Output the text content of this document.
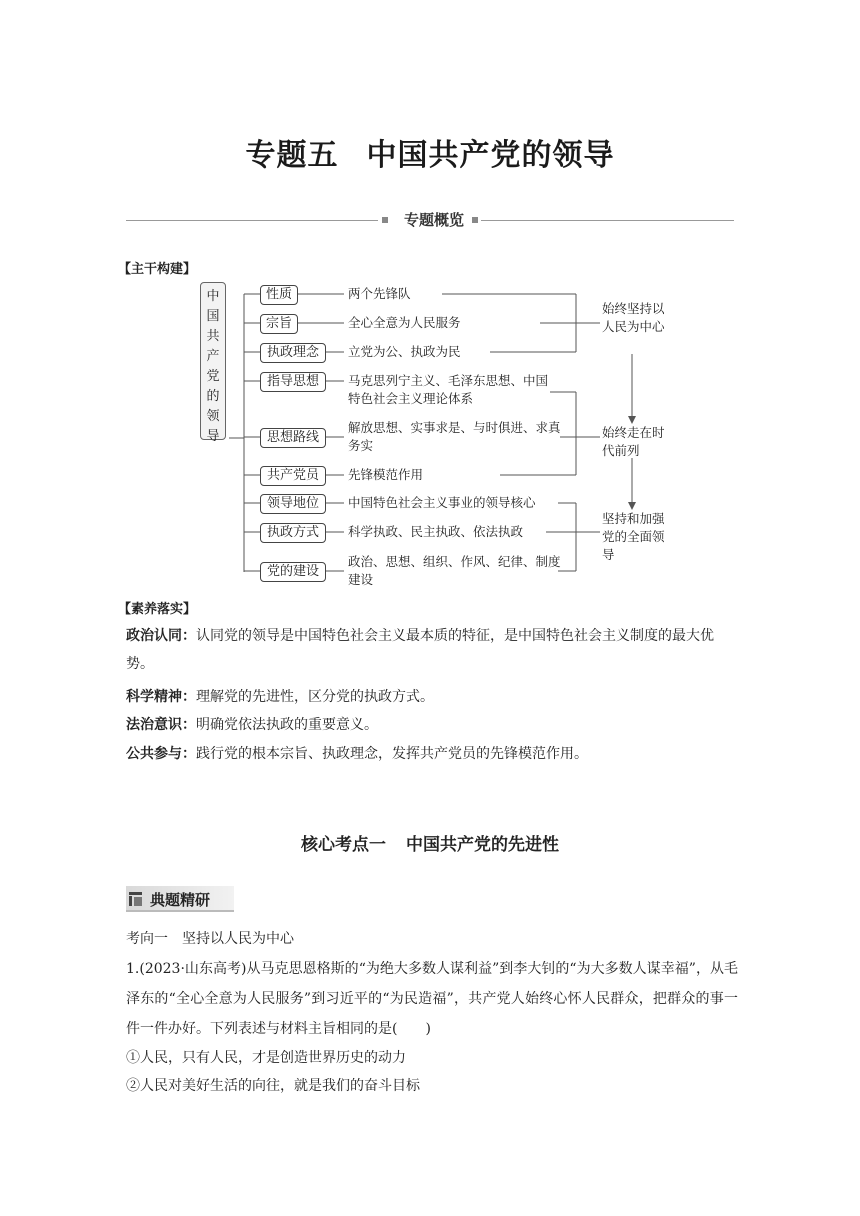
专题五 中国共产党的领导
专题概览
【主干构建】
中国共产党的领导
性质
宗旨
执政理念
指导思想
思想路线
共产党员
领导地位
执政方式
党的建设
两个先锋队
全心全意为人民服务
立党为公、执政为民
马克思列宁主义、毛泽东思想、中国特色社会主义理论体系
解放思想、实事求是、与时俱进、求真务实
先锋模范作用
中国特色社会主义事业的领导核心
科学执政、民主执政、依法执政
政治、思想、组织、作风、纪律、制度建设
始终坚持以人民为中心
始终走在时代前列
坚持和加强党的全面领导
【素养落实】
政治认同：认同党的领导是中国特色社会主义最本质的特征，是中国特色社会主义制度的最大优势。
科学精神：理解党的先进性，区分党的执政方式。
法治意识：明确党依法执政的重要意义。
公共参与：践行党的根本宗旨、执政理念，发挥共产党员的先锋模范作用。
核心考点一 中国共产党的先进性
典题精研
考向一　坚持以人民为中心
1.(2023·山东高考)从马克思恩格斯的“为绝大多数人谋利益”到李大钊的“为大多数人谋幸福”，从毛泽东的“全心全意为人民服务”到习近平的“为民造福”，共产党人始终心怀人民群众，把群众的事一件一件办好。下列表述与材料主旨相同的是(　　)
①人民，只有人民，才是创造世界历史的动力
②人民对美好生活的向往，就是我们的奋斗目标
